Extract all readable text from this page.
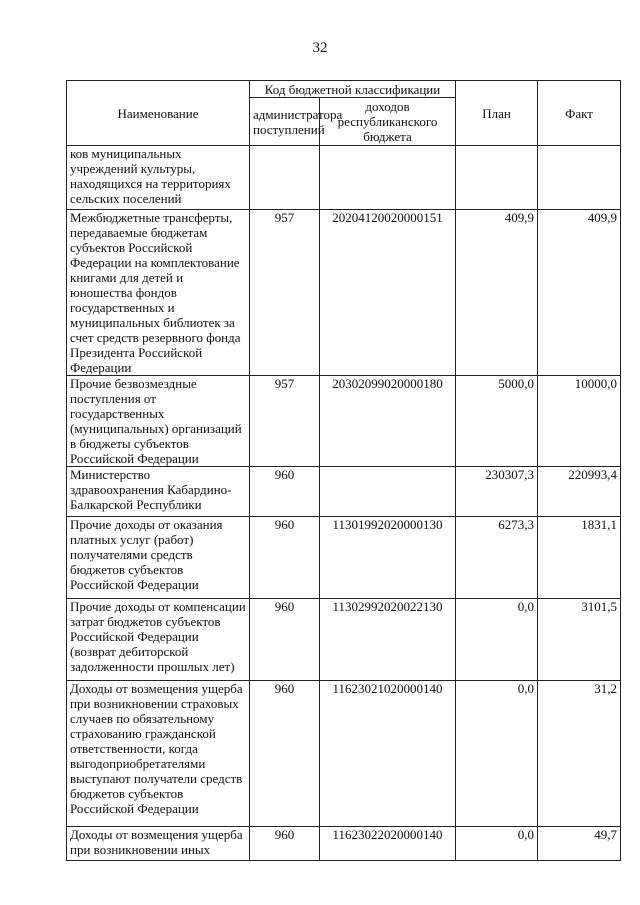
32
Наименование	Код бюджетной классификации		План	Факт
	администратора поступлений	доходов республиканского бюджета		
ков муниципальных учреждений культуры, находящихся на территориях сельских поселений				
Межбюджетные трансферты, передаваемые бюджетам субъектов Российской Федерации на комплектование книгами для детей и юношества фондов государственных и муниципальных библиотек за счет средств резервного фонда Президента Российской Федерации	957	20204120020000151	409,9	409,9
Прочие безвозмездные поступления от государственных (муниципальных) организаций в бюджеты субъектов Российской Федерации	957	20302099020000180	5000,0	10000,0
Министерство здравоохранения Кабардино-Балкарской Республики	960		230307,3	220993,4
Прочие доходы от оказания платных услуг (работ) получателями средств бюджетов субъектов Российской Федерации	960	11301992020000130	6273,3	1831,1
Прочие доходы от компенсации затрат бюджетов субъектов Российской Федерации (возврат дебиторской задолженности прошлых лет)	960	11302992020022130	0,0	3101,5
Доходы от возмещения ущерба при возникновении страховых случаев по обязательному страхованию гражданской ответственности, когда выгодоприобретателями выступают получатели средств бюджетов субъектов Российской Федерации	960	11623021020000140	0,0	31,2
Доходы от возмещения ущерба при возникновении иных	960	11623022020000140	0,0	49,7
